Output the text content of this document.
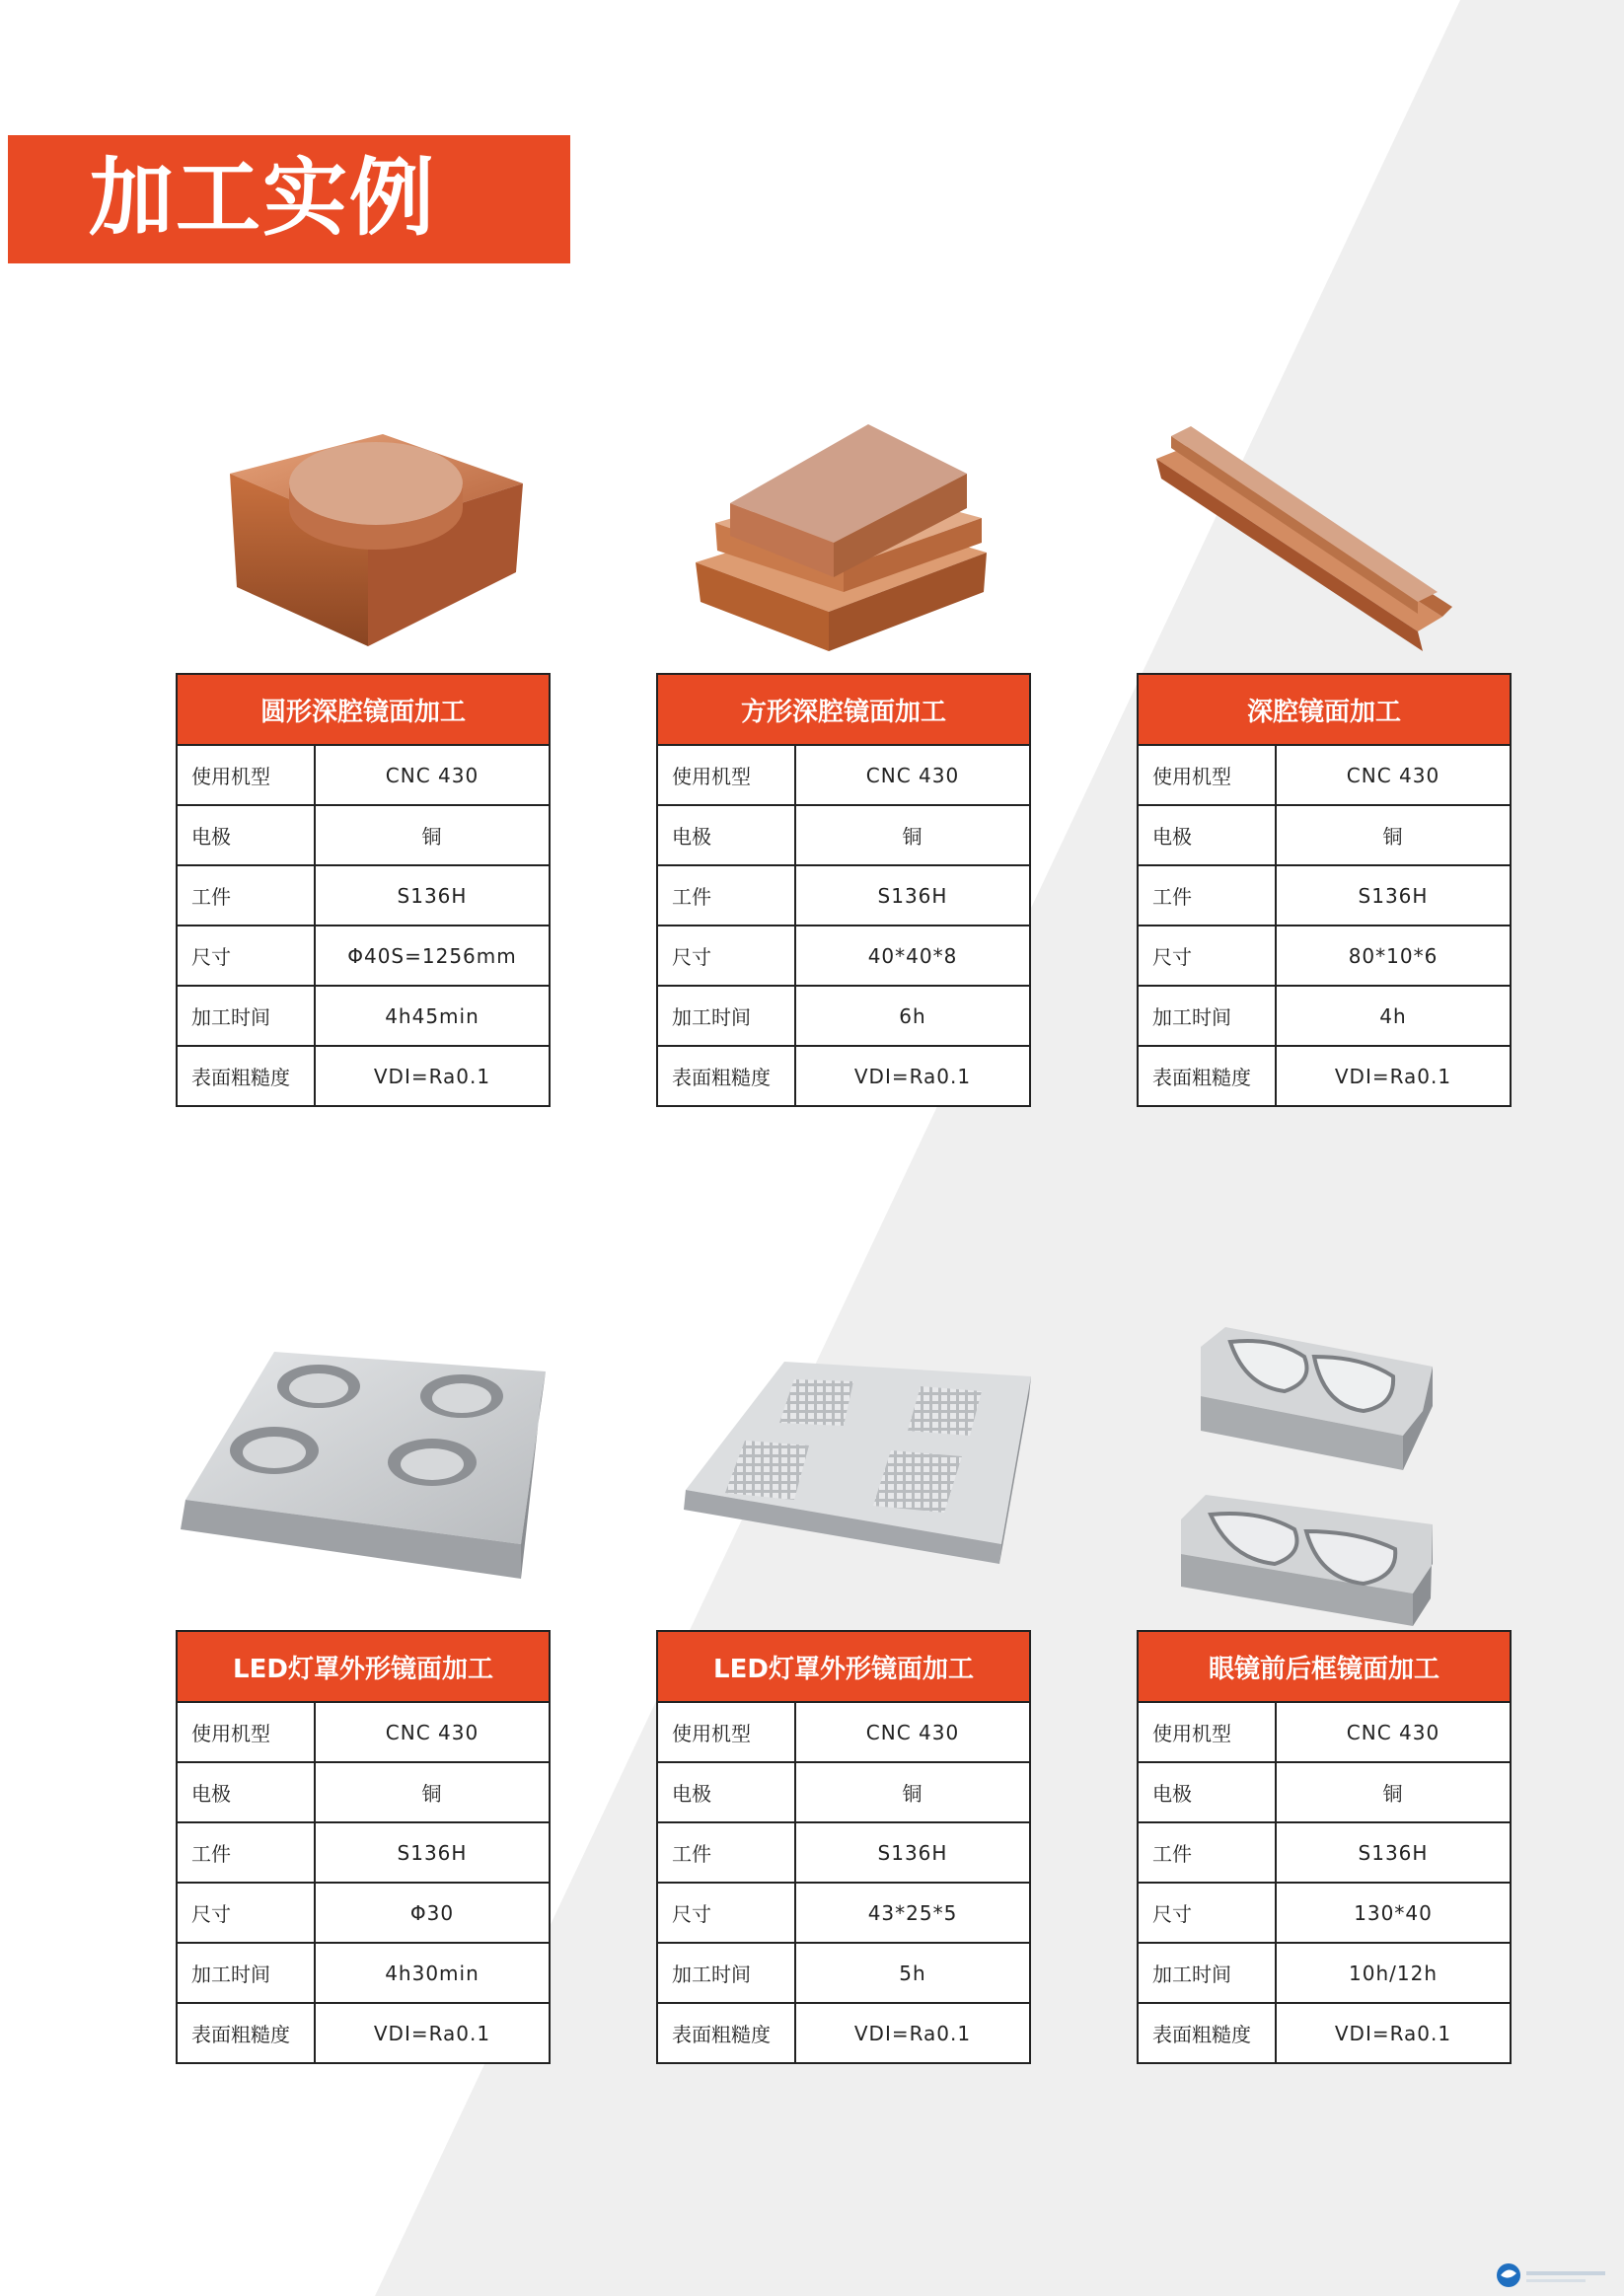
加工实例
圆形深腔镜面加工
使用机型	CNC 430
电极	铜
工件	S136H
尺寸	Φ40S=1256mm
加工时间	4h45min
表面粗糙度	VDI=Ra0.1
方形深腔镜面加工
使用机型	CNC 430
电极	铜
工件	S136H
尺寸	40*40*8
加工时间	6h
表面粗糙度	VDI=Ra0.1
深腔镜面加工
使用机型	CNC 430
电极	铜
工件	S136H
尺寸	80*10*6
加工时间	4h
表面粗糙度	VDI=Ra0.1
LED灯罩外形镜面加工
使用机型	CNC 430
电极	铜
工件	S136H
尺寸	Φ30
加工时间	4h30min
表面粗糙度	VDI=Ra0.1
LED灯罩外形镜面加工
使用机型	CNC 430
电极	铜
工件	S136H
尺寸	43*25*5
加工时间	5h
表面粗糙度	VDI=Ra0.1
眼镜前后框镜面加工
使用机型	CNC 430
电极	铜
工件	S136H
尺寸	130*40
加工时间	10h/12h
表面粗糙度	VDI=Ra0.1
